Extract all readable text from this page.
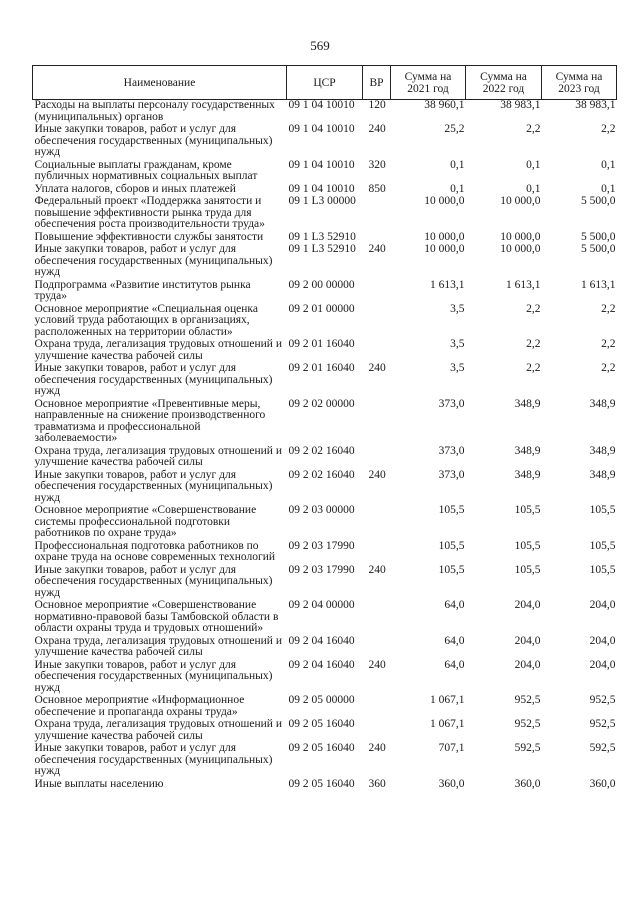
569
Наименование	ЦСР	ВР	Сумма на 2021 год	Сумма на 2022 год	Сумма на 2023 год
Расходы на выплаты персоналу государственных (муниципальных) органов	09 1 04 10010	120	38 960,1	38 983,1	38 983,1
Иные закупки товаров, работ и услуг для обеспечения государственных (муниципальных) нужд	09 1 04 10010	240	25,2	2,2	2,2
Социальные выплаты гражданам, кроме публичных нормативных социальных выплат	09 1 04 10010	320	0,1	0,1	0,1
Уплата налогов, сборов и иных платежей	09 1 04 10010	850	0,1	0,1	0,1
Федеральный проект «Поддержка занятости и повышение эффективности рынка труда для обеспечения роста производительности труда»	09 1 L3 00000		10 000,0	10 000,0	5 500,0
Повышение эффективности службы занятости	09 1 L3 52910		10 000,0	10 000,0	5 500,0
Иные закупки товаров, работ и услуг для обеспечения государственных (муниципальных) нужд	09 1 L3 52910	240	10 000,0	10 000,0	5 500,0
Подпрограмма «Развитие институтов рынка труда»	09 2 00 00000		1 613,1	1 613,1	1 613,1
Основное мероприятие «Специальная оценка условий труда работающих в организациях, расположенных на территории области»	09 2 01 00000		3,5	2,2	2,2
Охрана труда, легализация трудовых отношений и улучшение качества рабочей силы	09 2 01 16040		3,5	2,2	2,2
Иные закупки товаров, работ и услуг для обеспечения государственных (муниципальных) нужд	09 2 01 16040	240	3,5	2,2	2,2
Основное мероприятие «Превентивные меры, направленные на снижение производственного травматизма и профессиональной заболеваемости»	09 2 02 00000		373,0	348,9	348,9
Охрана труда, легализация трудовых отношений и улучшение качества рабочей силы	09 2 02 16040		373,0	348,9	348,9
Иные закупки товаров, работ и услуг для обеспечения государственных (муниципальных) нужд	09 2 02 16040	240	373,0	348,9	348,9
Основное мероприятие «Совершенствование системы профессиональной подготовки работников по охране труда»	09 2 03 00000		105,5	105,5	105,5
Профессиональная подготовка работников по охране труда на основе современных технологий	09 2 03 17990		105,5	105,5	105,5
Иные закупки товаров, работ и услуг для обеспечения государственных (муниципальных) нужд	09 2 03 17990	240	105,5	105,5	105,5
Основное мероприятие «Совершенствование нормативно-правовой базы Тамбовской области в области охраны труда и трудовых отношений»	09 2 04 00000		64,0	204,0	204,0
Охрана труда, легализация трудовых отношений и улучшение качества рабочей силы	09 2 04 16040		64,0	204,0	204,0
Иные закупки товаров, работ и услуг для обеспечения государственных (муниципальных) нужд	09 2 04 16040	240	64,0	204,0	204,0
Основное мероприятие «Информационное обеспечение и пропаганда охраны труда»	09 2 05 00000		1 067,1	952,5	952,5
Охрана труда, легализация трудовых отношений и улучшение качества рабочей силы	09 2 05 16040		1 067,1	952,5	952,5
Иные закупки товаров, работ и услуг для обеспечения государственных (муниципальных) нужд	09 2 05 16040	240	707,1	592,5	592,5
Иные выплаты населению	09 2 05 16040	360	360,0	360,0	360,0
